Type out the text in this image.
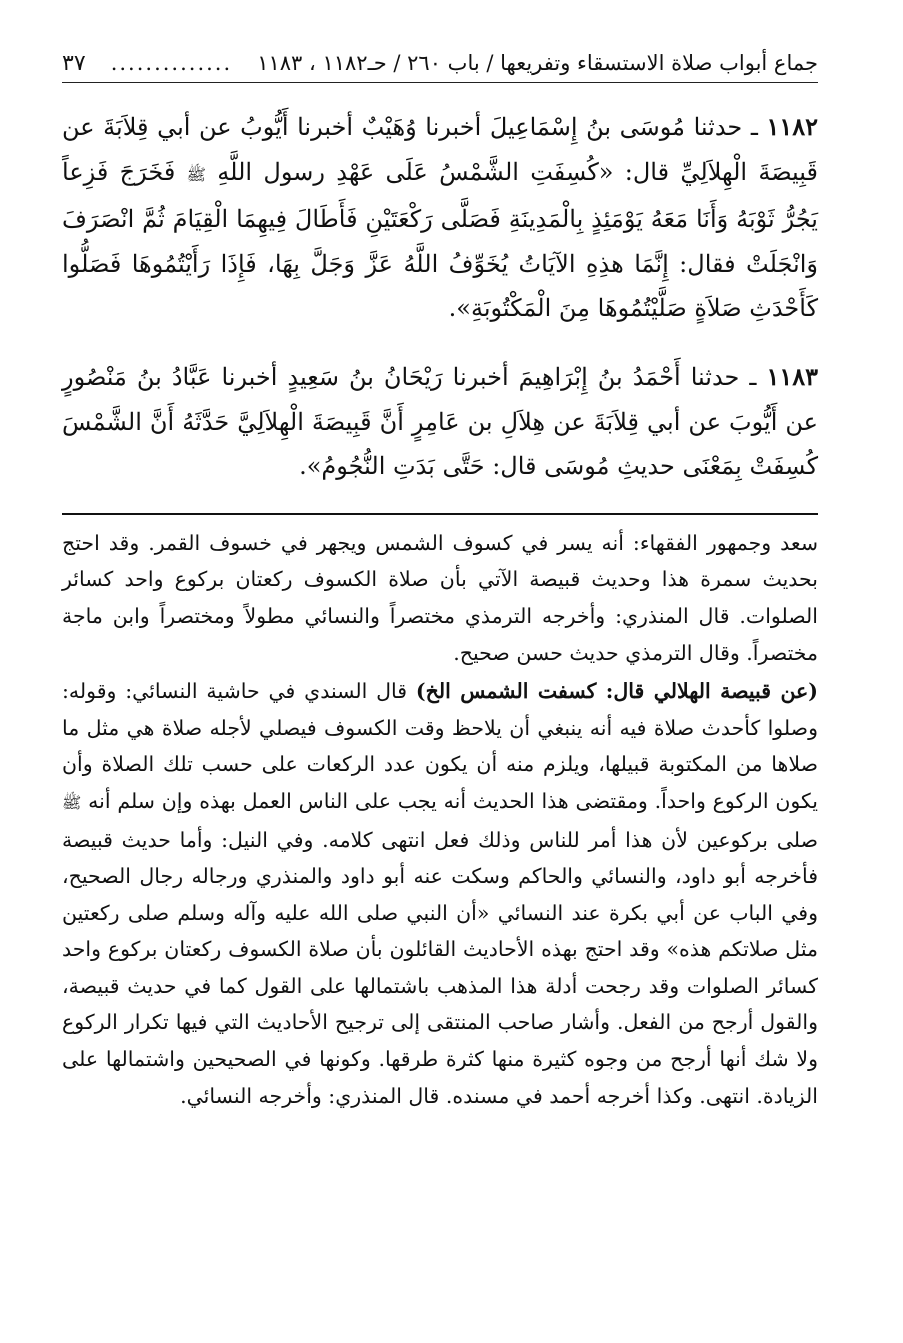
جماع أبواب صلاة الاستسقاء وتفريعها / باب ٢٦٠ / حـ١١٨٢ ، ١١٨٣
..............
٣٧

١١٨٢ ـ حدثنا مُوسَى بنُ إِسْمَاعِيلَ أخبرنا وُهَيْبٌ أخبرنا أَيُّوبُ عن أبي قِلاَبَةَ عن قَبِيصَةَ الْهِلاَلِيِّ قال: «كُسِفَتِ الشَّمْسُ عَلَى عَهْدِ رسول اللَّهِ ﷺ فَخَرَجَ فَزِعاً يَجُرُّ ثَوْبَهُ وَأَنَا مَعَهُ يَوْمَئِذٍ بِالْمَدِينَةِ فَصَلَّى رَكْعَتَيْنِ فَأَطَالَ فِيهِمَا الْقِيَامَ ثُمَّ انْصَرَفَ وَانْجَلَتْ فقال: إِنَّمَا هذِهِ الآيَاتُ يُخَوِّفُ اللَّهُ عَزَّ وَجَلَّ بِهَا، فَإِذَا رَأَيْتُمُوهَا فَصَلُّوا كَأَحْدَثِ صَلاَةٍ صَلَّيْتُمُوهَا مِنَ الْمَكْتُوبَةِ».

١١٨٣ ـ حدثنا أَحْمَدُ بنُ إِبْرَاهِيمَ أخبرنا رَيْحَانُ بنُ سَعِيدٍ أخبرنا عَبَّادُ بنُ مَنْصُورٍ عن أَيُّوبَ عن أبي قِلاَبَةَ عن هِلاَلِ بن عَامِرٍ أَنَّ قَبِيصَةَ الْهِلاَلِيَّ حَدَّثَهُ أَنَّ الشَّمْسَ كُسِفَتْ بِمَعْنَى حديثِ مُوسَى قال: حَتَّى بَدَتِ النُّجُومُ».

سعد وجمهور الفقهاء: أنه يسر في كسوف الشمس ويجهر في خسوف القمر. وقد احتج بحديث سمرة هذا وحديث قبيصة الآتي بأن صلاة الكسوف ركعتان بركوع واحد كسائر الصلوات. قال المنذري: وأخرجه الترمذي مختصراً والنسائي مطولاً ومختصراً وابن ماجة مختصراً. وقال الترمذي حديث حسن صحيح.

(عن قبيصة الهلالي قال: كسفت الشمس الخ) قال السندي في حاشية النسائي: وقوله: وصلوا كأحدث صلاة فيه أنه ينبغي أن يلاحظ وقت الكسوف فيصلي لأجله صلاة هي مثل ما صلاها من المكتوبة قبيلها، ويلزم منه أن يكون عدد الركعات على حسب تلك الصلاة وأن يكون الركوع واحداً. ومقتضى هذا الحديث أنه يجب على الناس العمل بهذه وإن سلم أنه ﷺ صلى بركوعين لأن هذا أمر للناس وذلك فعل انتهى كلامه. وفي النيل: وأما حديث قبيصة فأخرجه أبو داود، والنسائي والحاكم وسكت عنه أبو داود والمنذري ورجاله رجال الصحيح، وفي الباب عن أبي بكرة عند النسائي «أن النبي صلى الله عليه وآله وسلم صلى ركعتين مثل صلاتكم هذه» وقد احتج بهذه الأحاديث القائلون بأن صلاة الكسوف ركعتان بركوع واحد كسائر الصلوات وقد رجحت أدلة هذا المذهب باشتمالها على القول كما في حديث قبيصة، والقول أرجح من الفعل. وأشار صاحب المنتقى إلى ترجيح الأحاديث التي فيها تكرار الركوع ولا شك أنها أرجح من وجوه كثيرة منها كثرة طرقها. وكونها في الصحيحين واشتمالها على الزيادة. انتهى. وكذا أخرجه أحمد في مسنده. قال المنذري: وأخرجه النسائي.
